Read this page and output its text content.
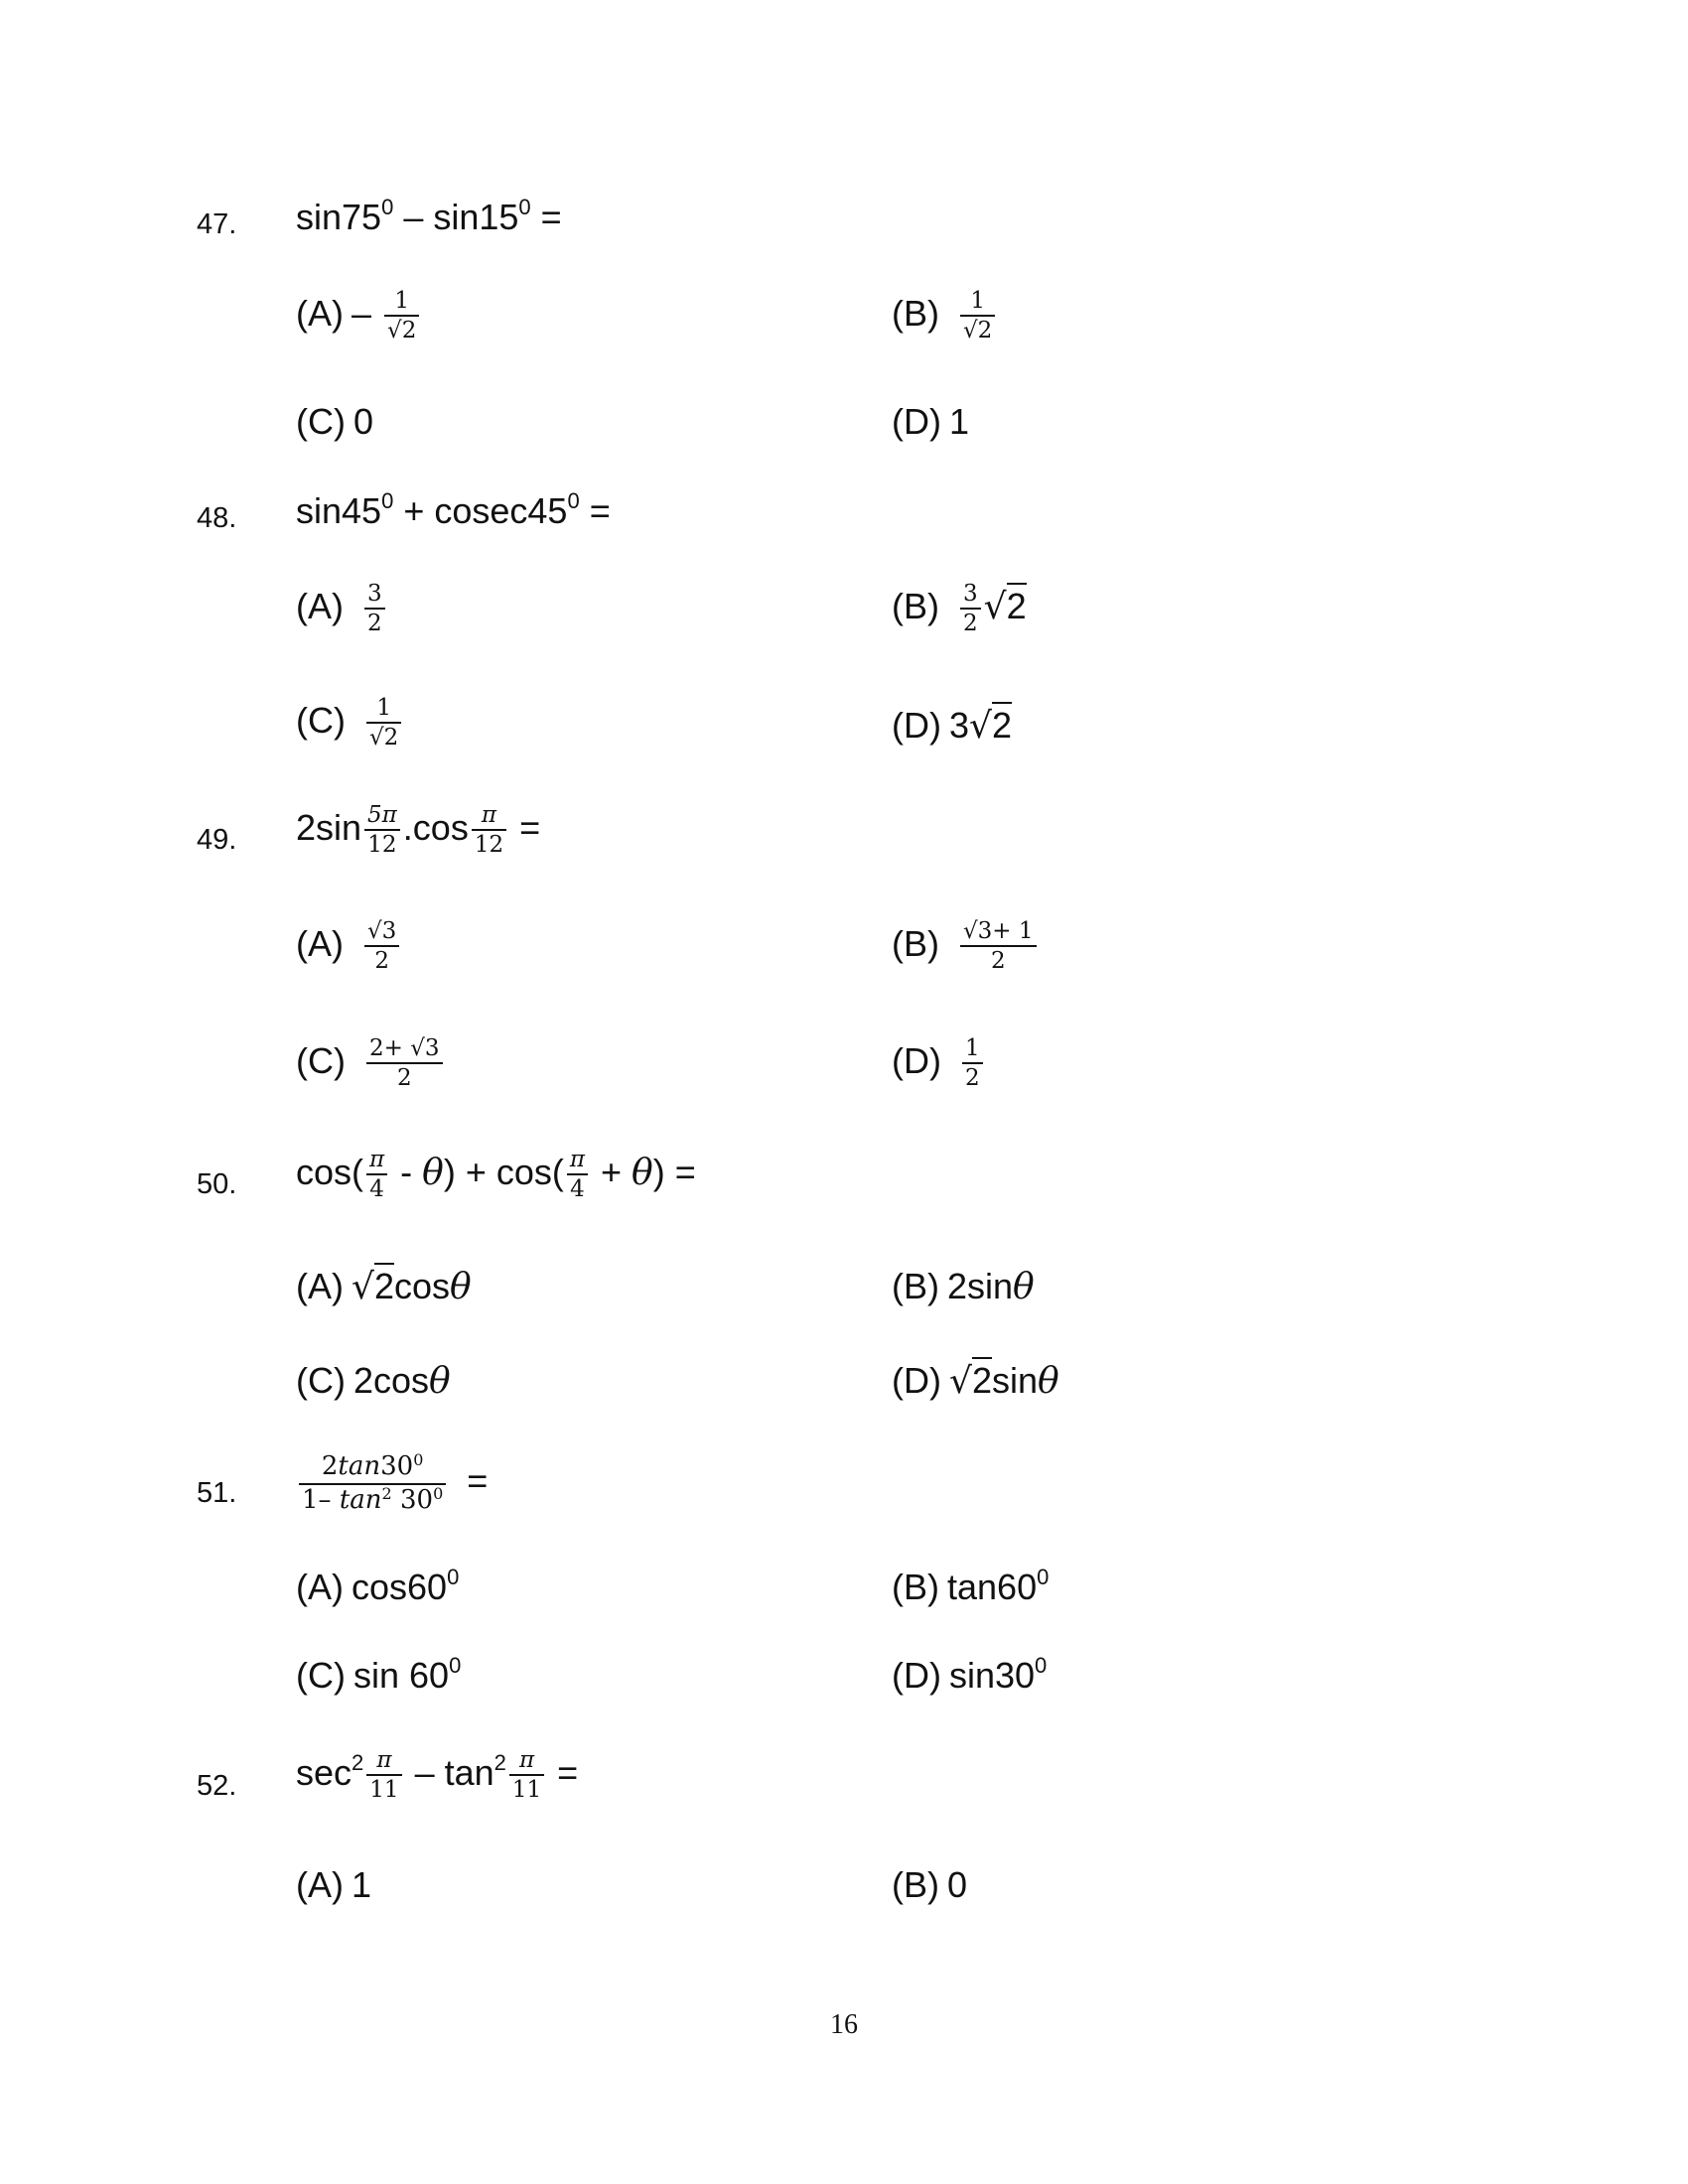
47. $\sin 75^0 - \sin 15^0$ =
$(A) - \frac{1}{√2}$	$(B) \frac{1}{√2}$
(C) 0	(D) 1
48. $\sin 45^0 + cosec45^0$ =
$(A) \frac{3}{2}$	$(B) \frac{3}{2} √2$
$(C) \frac{1}{√2}$	(D) 3√2
49. $2\sin \frac{5\pi}{12} .\cos \frac{\pi}{12}$ =
$(A) \frac{√3}{2}$	$(B) \frac{√3+ 1}{2}$
$(C) \frac{2+ √3}{2}$	$(D) \frac{1}{2}$
50. $\cos( \frac{\pi}{4} - \theta) + \cos( \frac{\pi}{4} + \theta)$ =
(A) √2cosθ	(B) 2sinθ
(C) 2cosθ	(D) √2sinθ
51. $\frac{2\tan 30^0}{1- \tan^2 30^0}$ =
(A) $\cos 60^0$	(B) $\tan 60^0$
(C) $\sin 60^0$	(D) $\sin 30^0$
52. $\sec^2 \frac{\pi}{11} - \tan^2 \frac{\pi}{11}$ =
(A) 1	(B) 0
16
